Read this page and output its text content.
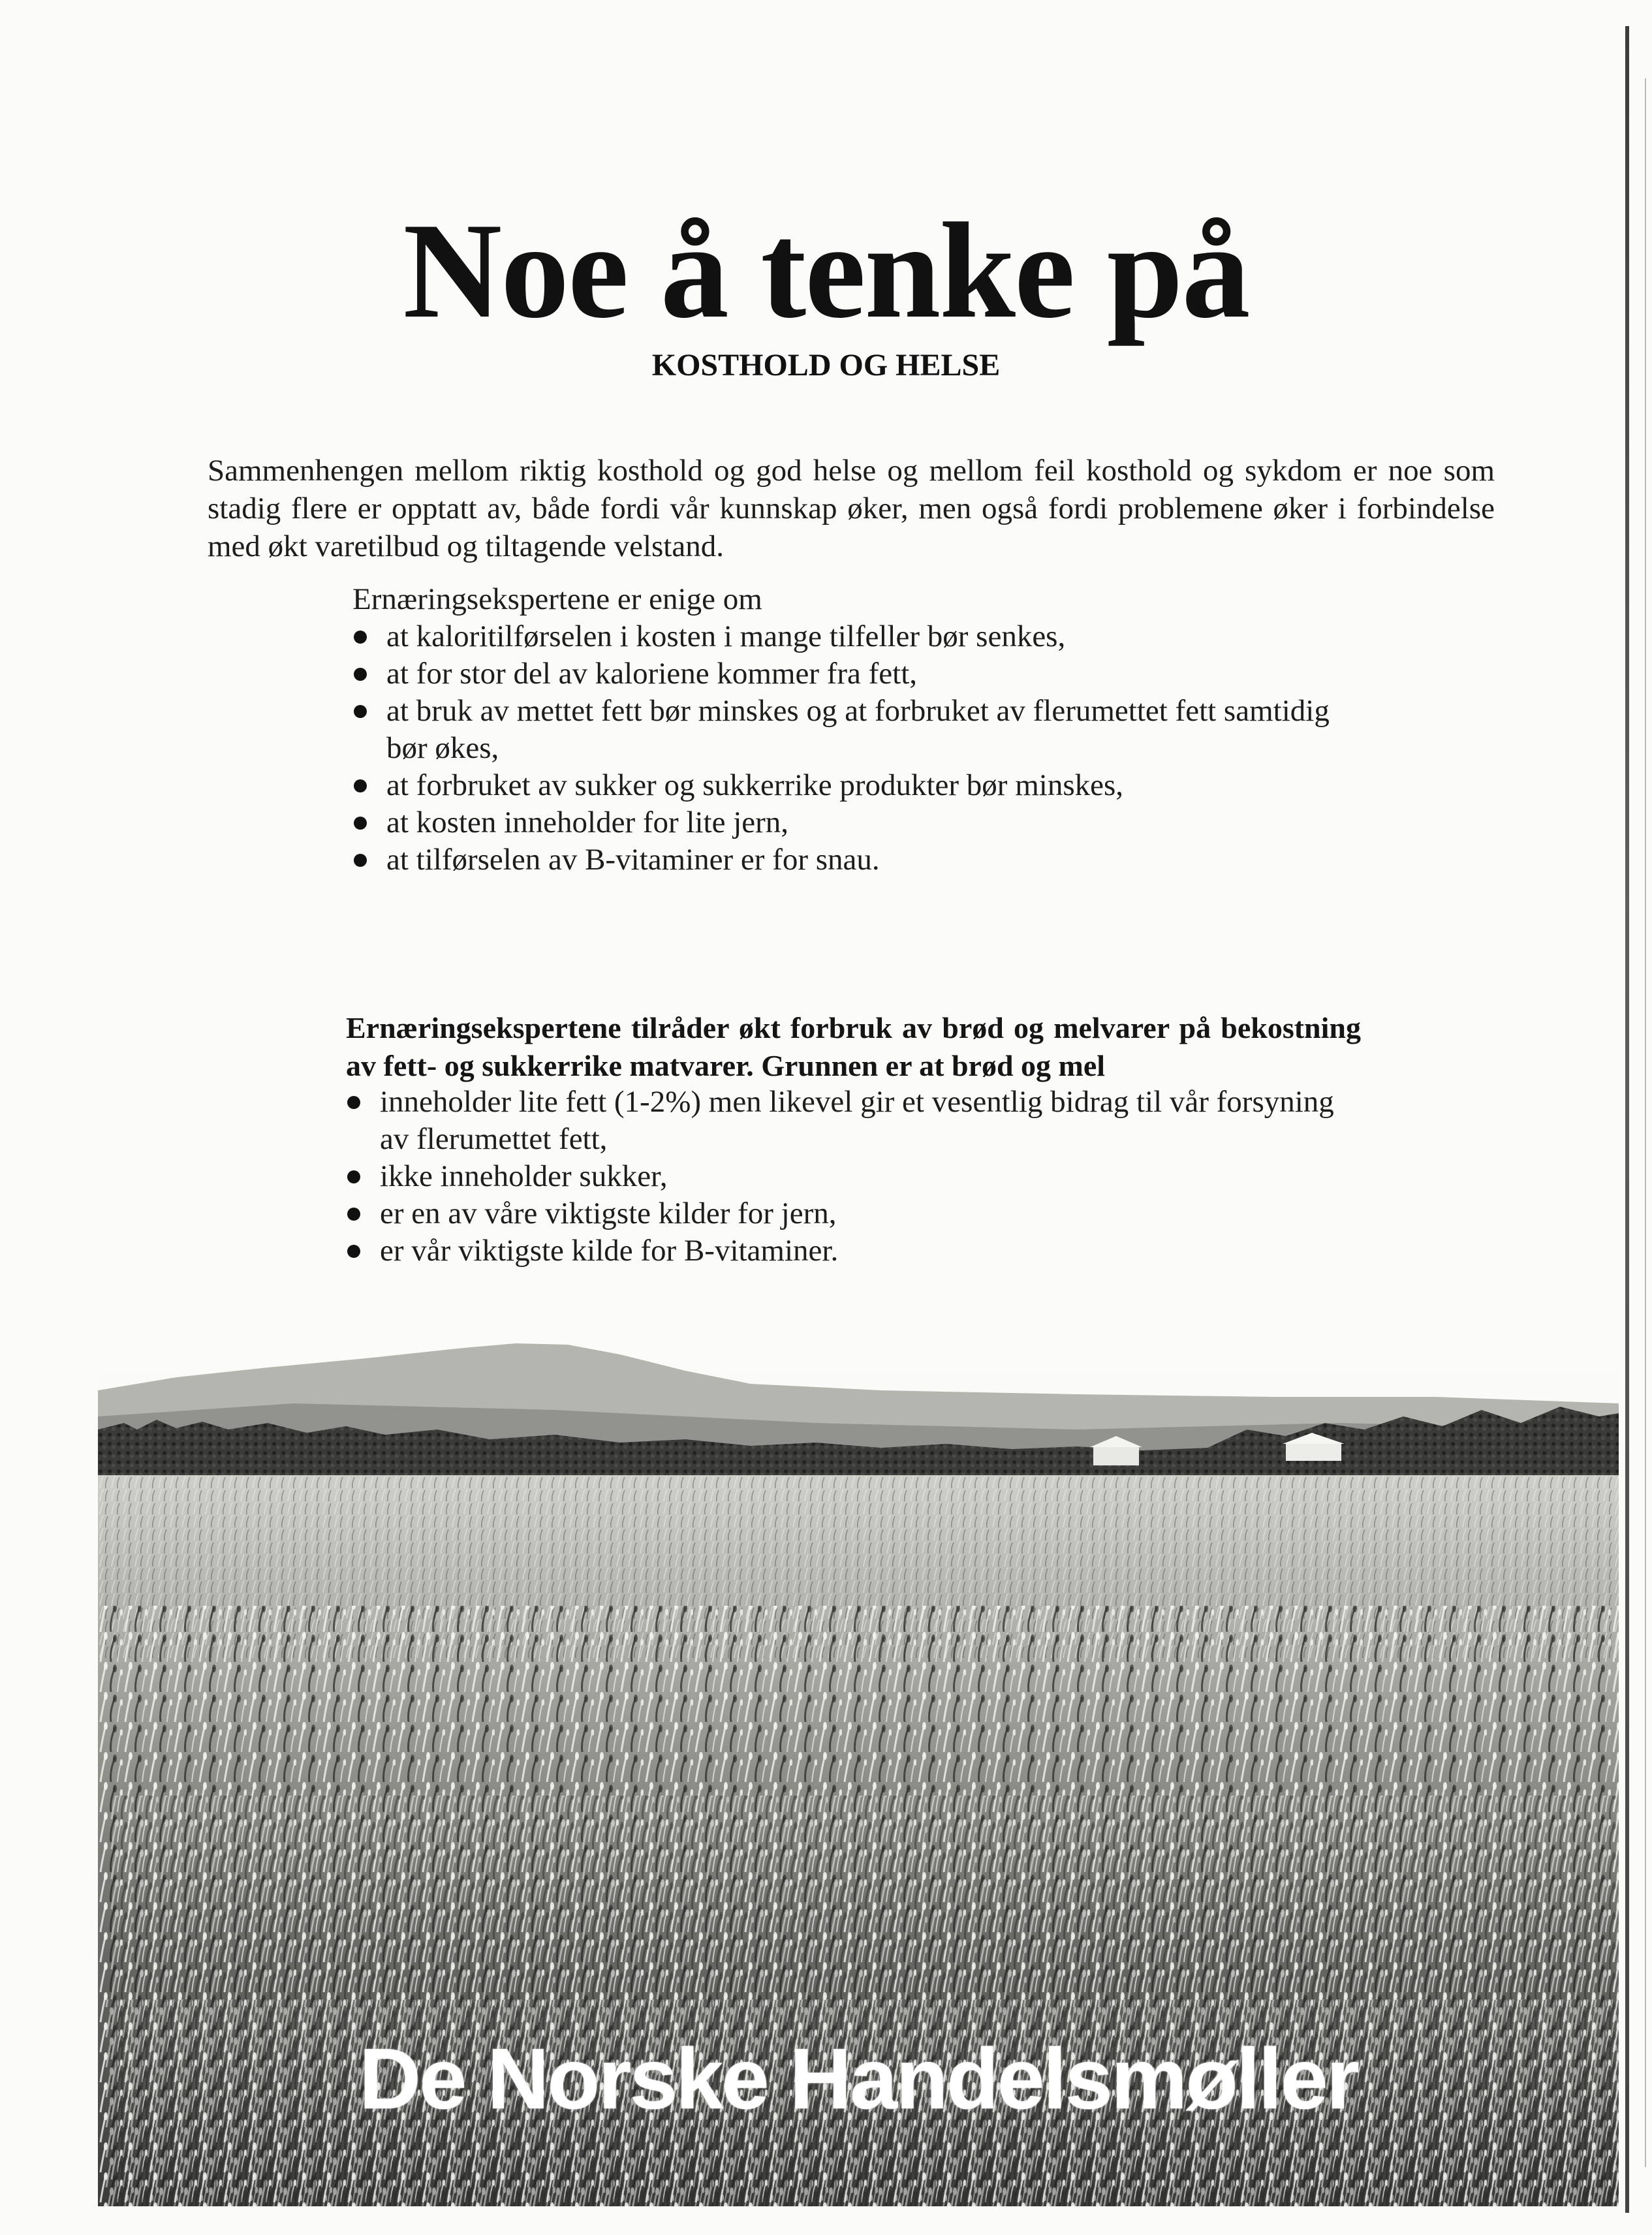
Noe å tenke på
KOSTHOLD OG HELSE

Sammenhengen mellom riktig kosthold og god helse og mellom feil kosthold og sykdom er noe som stadig flere er opptatt av, både fordi vår kunnskap øker, men også fordi problemene øker i forbindelse med økt varetilbud og tiltagende velstand.

Ernæringsekspertene er enige om
at kaloritilførselen i kosten i mange tilfeller bør senkes,
at for stor del av kaloriene kommer fra fett,
at bruk av mettet fett bør minskes og at forbruket av flerumettet fett samtidig bør økes,
at forbruket av sukker og sukkerrike produkter bør minskes,
at kosten inneholder for lite jern,
at tilførselen av B-vitaminer er for snau.

Ernæringsekspertene tilråder økt forbruk av brød og melvarer på bekostning av fett- og sukkerrike matvarer. Grunnen er at brød og mel

inneholder lite fett (1-2%) men likevel gir et vesentlig bidrag til vår forsyning av flerumettet fett,
ikke inneholder sukker,
er en av våre viktigste kilder for jern,
er vår viktigste kilde for B-vitaminer.
De Norske Handelsmøller
